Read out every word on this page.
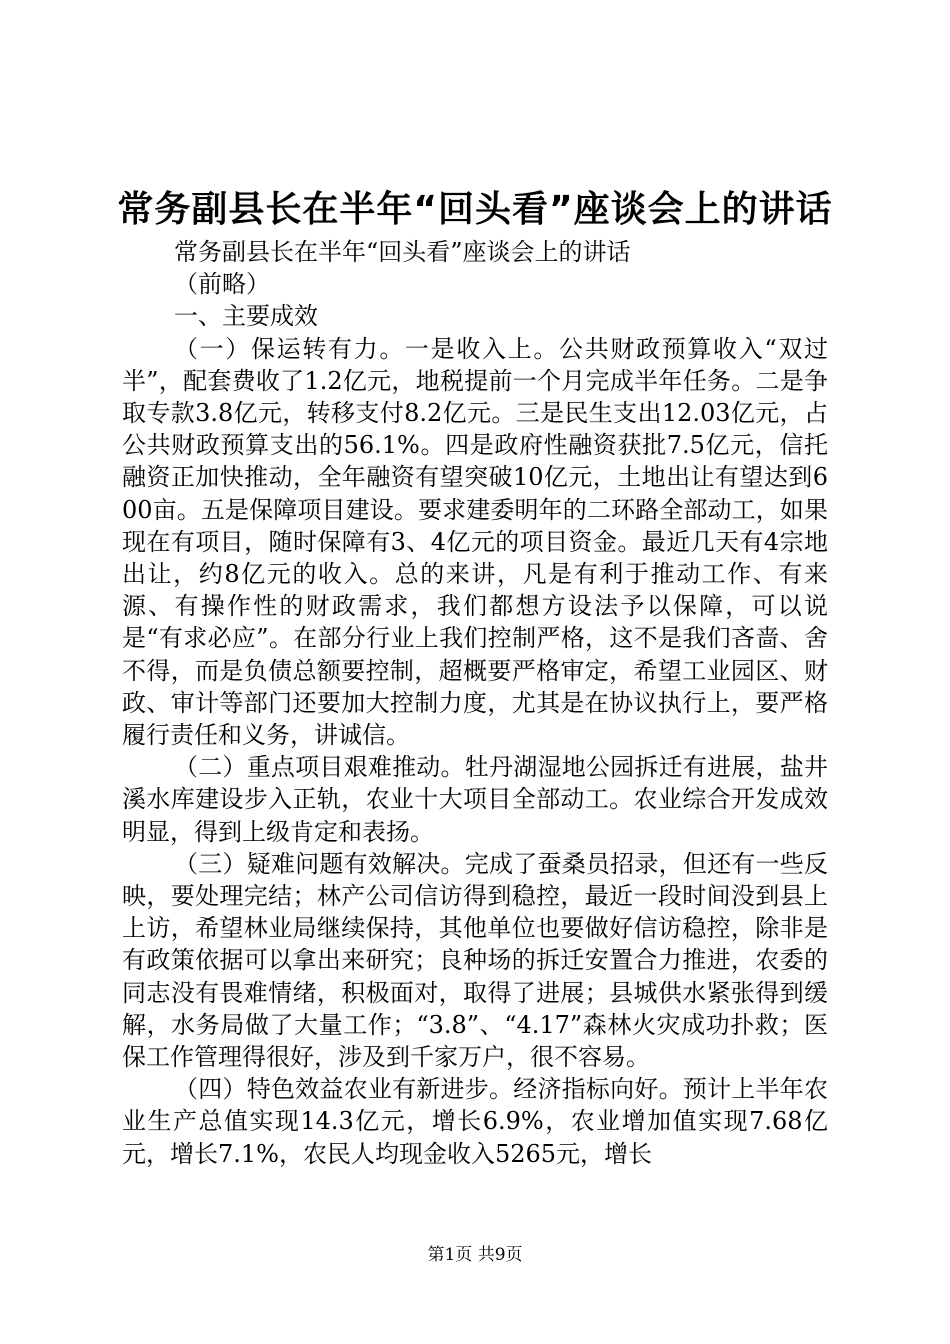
常务副县长在半年“回头看”座谈会上的讲话

常务副县长在半年“回头看”座谈会上的讲话

（前略）

一、主要成效

（一）保运转有力。一是收入上。公共财政预算收入“双过半”，配套费收了1.2亿元，地税提前一个月完成半年任务。二是争取专款3.8亿元，转移支付8.2亿元。三是民生支出12.03亿元，占公共财政预算支出的56.1%。四是政府性融资获批7.5亿元，信托融资正加快推动，全年融资有望突破10亿元，土地出让有望达到600亩。五是保障项目建设。要求建委明年的二环路全部动工，如果现在有项目，随时保障有3、4亿元的项目资金。最近几天有4宗地出让，约8亿元的收入。总的来讲，凡是有利于推动工作、有来源、有操作性的财政需求，我们都想方设法予以保障，可以说是“有求必应”。在部分行业上我们控制严格，这不是我们吝啬、舍不得，而是负债总额要控制，超概要严格审定，希望工业园区、财政、审计等部门还要加大控制力度，尤其是在协议执行上，要严格履行责任和义务，讲诚信。

（二）重点项目艰难推动。牡丹湖湿地公园拆迁有进展，盐井溪水库建设步入正轨，农业十大项目全部动工。农业综合开发成效明显，得到上级肯定和表扬。

（三）疑难问题有效解决。完成了蚕桑员招录，但还有一些反映，要处理完结；林产公司信访得到稳控，最近一段时间没到县上上访，希望林业局继续保持，其他单位也要做好信访稳控，除非是有政策依据可以拿出来研究；良种场的拆迁安置合力推进，农委的同志没有畏难情绪，积极面对，取得了进展；县城供水紧张得到缓解，水务局做了大量工作；“3.8”、“4.17”森林火灾成功扑救；医保工作管理得很好，涉及到千家万户，很不容易。

（四）特色效益农业有新进步。经济指标向好。预计上半年农业生产总值实现14.3亿元，增长6.9%，农业增加值实现7.68亿元，增长7.1%，农民人均现金收入5265元，增长

第1页 共9页
